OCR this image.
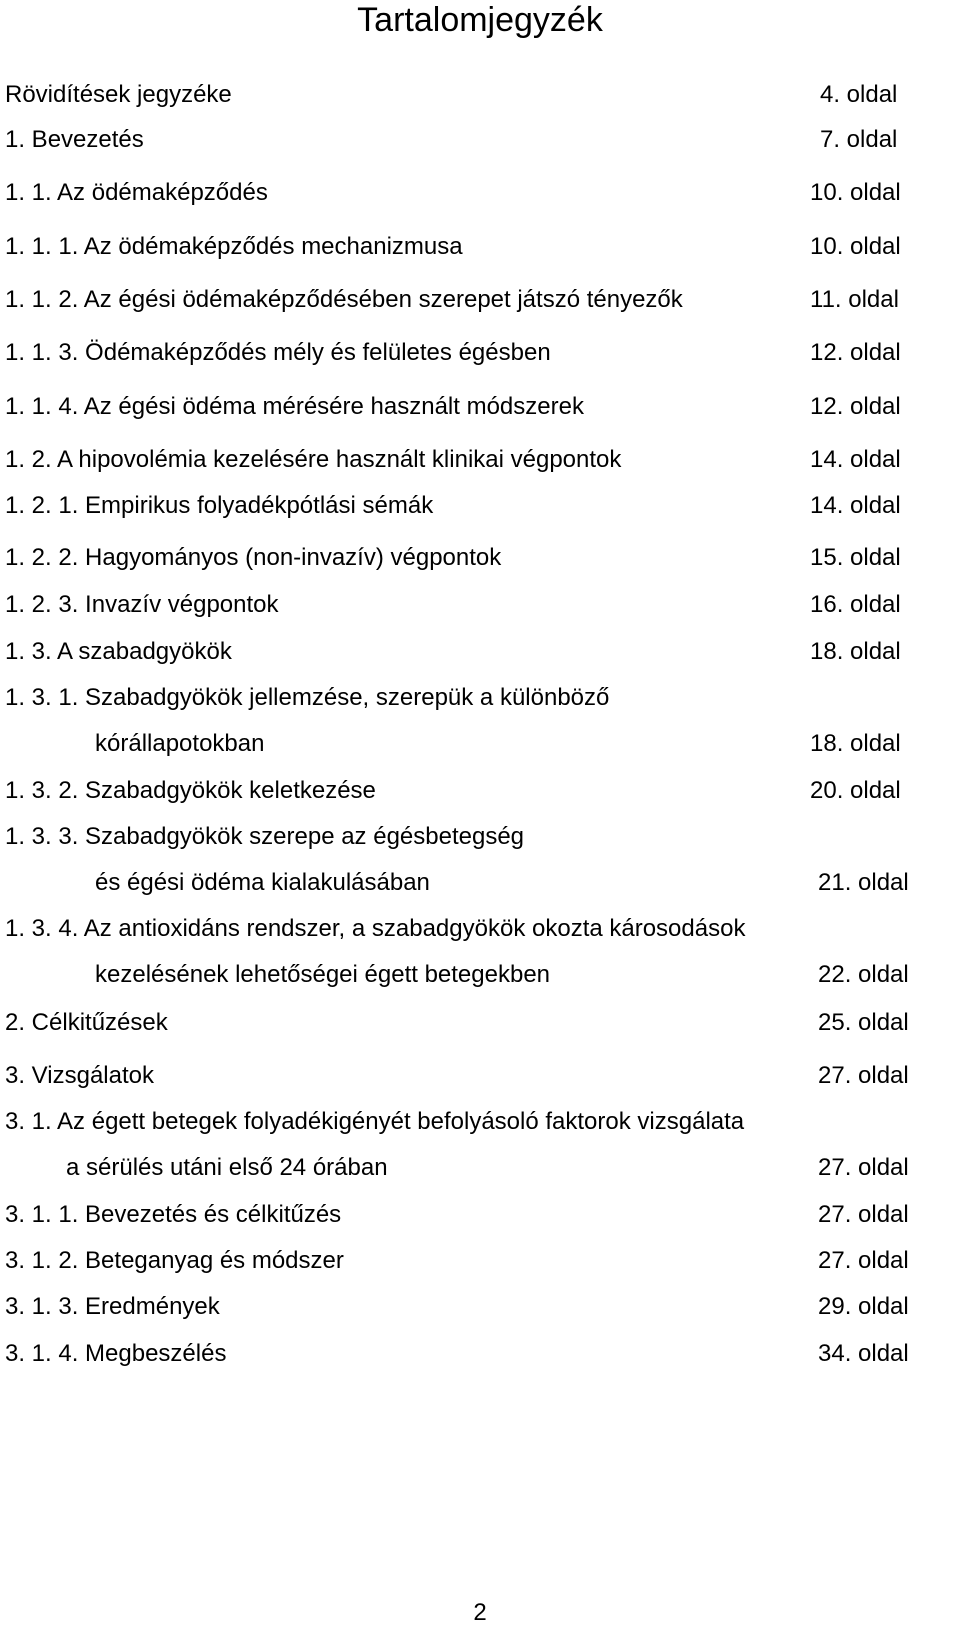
Tartalomjegyzék
Rövidítések jegyzéke	4. oldal
1. Bevezetés	7. oldal
1. 1. Az ödémaképződés	10. oldal
1. 1. 1. Az ödémaképződés mechanizmusa	10. oldal
1. 1. 2. Az égési ödémaképződésében szerepet játszó tényezők	11. oldal
1. 1. 3. Ödémaképződés mély és felületes égésben	12. oldal
1. 1. 4. Az égési ödéma mérésére használt módszerek	12. oldal
1. 2. A hipovolémia kezelésére használt klinikai végpontok	14. oldal
1. 2. 1. Empirikus folyadékpótlási sémák	14. oldal
1. 2. 2. Hagyományos (non-invazív) végpontok	15. oldal
1. 2. 3. Invazív végpontok	16. oldal
1. 3. A szabadgyökök	18. oldal
1. 3. 1. Szabadgyökök jellemzése, szerepük a különböző
kórállapotokban	18. oldal
1. 3. 2. Szabadgyökök keletkezése	20. oldal
1. 3. 3. Szabadgyökök szerepe az égésbetegség
és égési ödéma kialakulásában	21. oldal
1. 3. 4. Az antioxidáns rendszer, a szabadgyökök okozta károsodások
kezelésének lehetőségei égett betegekben	22. oldal
2. Célkitűzések	25. oldal
3. Vizsgálatok	27. oldal
3. 1. Az égett betegek folyadékigényét befolyásoló faktorok vizsgálata
a sérülés utáni első 24 órában	27. oldal
3. 1. 1. Bevezetés és célkitűzés	27. oldal
3. 1. 2. Beteganyag és módszer	27. oldal
3. 1. 3. Eredmények	29. oldal
3. 1. 4. Megbeszélés	34. oldal
2
